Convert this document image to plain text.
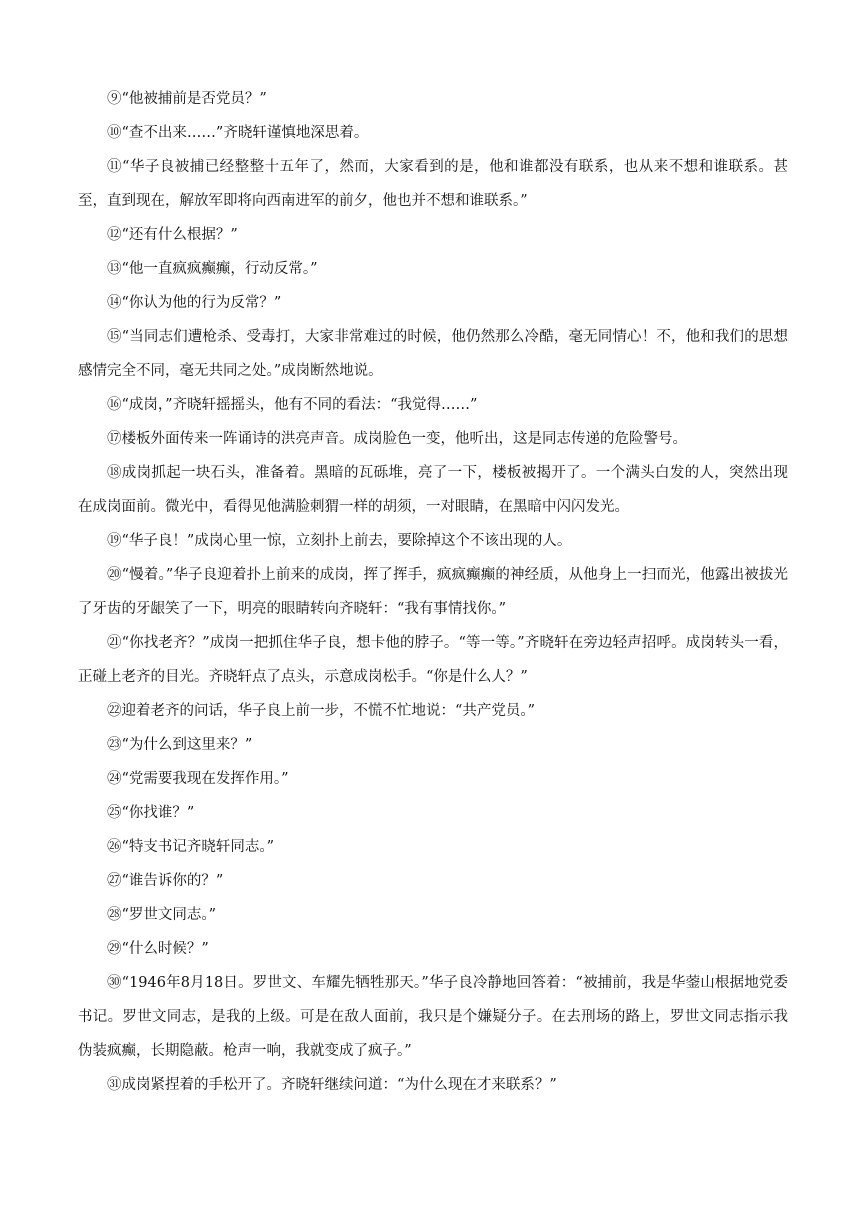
⑨“他被捕前是否党员？”

⑩“查不出来……”齐晓轩谨慎地深思着。

⑪“华子良被捕已经整整十五年了，然而，大家看到的是，他和谁都没有联系，也从来不想和谁联系。甚至，直到现在，解放军即将向西南进军的前夕，他也并不想和谁联系。”

⑫“还有什么根据？”

⑬“他一直疯疯癫癫，行动反常。”

⑭“你认为他的行为反常？”

⑮“当同志们遭枪杀、受毒打，大家非常难过的时候，他仍然那么冷酷，毫无同情心！不，他和我们的思想感情完全不同，毫无共同之处。”成岗断然地说。

⑯“成岗，”齐晓轩摇摇头，他有不同的看法：“我觉得……”

⑰楼板外面传来一阵诵诗的洪亮声音。成岗脸色一变，他听出，这是同志传递的危险警号。

⑱成岗抓起一块石头，准备着。黑暗的瓦砾堆，亮了一下，楼板被揭开了。一个满头白发的人，突然出现在成岗面前。微光中，看得见他满脸刺猬一样的胡须，一对眼睛，在黑暗中闪闪发光。

⑲“华子良！”成岗心里一惊，立刻扑上前去，要除掉这个不该出现的人。

⑳“慢着。”华子良迎着扑上前来的成岗，挥了挥手，疯疯癫癫的神经质，从他身上一扫而光，他露出被拔光了牙齿的牙龈笑了一下，明亮的眼睛转向齐晓轩：“我有事情找你。”

㉑“你找老齐？”成岗一把抓住华子良，想卡他的脖子。“等一等。”齐晓轩在旁边轻声招呼。成岗转头一看，正碰上老齐的目光。齐晓轩点了点头，示意成岗松手。“你是什么人？”

㉒迎着老齐的问话，华子良上前一步，不慌不忙地说：“共产党员。”

㉓“为什么到这里来？”

㉔“党需要我现在发挥作用。”

㉕“你找谁？”

㉖“特支书记齐晓轩同志。”

㉗“谁告诉你的？”

㉘“罗世文同志。”

㉙“什么时候？”

㉚“1946年8月18日。罗世文、车耀先牺牲那天。”华子良冷静地回答着：“被捕前，我是华蓥山根据地党委书记。罗世文同志，是我的上级。可是在敌人面前，我只是个嫌疑分子。在去刑场的路上，罗世文同志指示我伪装疯癫，长期隐蔽。枪声一响，我就变成了疯子。”

㉛成岗紧捏着的手松开了。齐晓轩继续问道：“为什么现在才来联系？”
